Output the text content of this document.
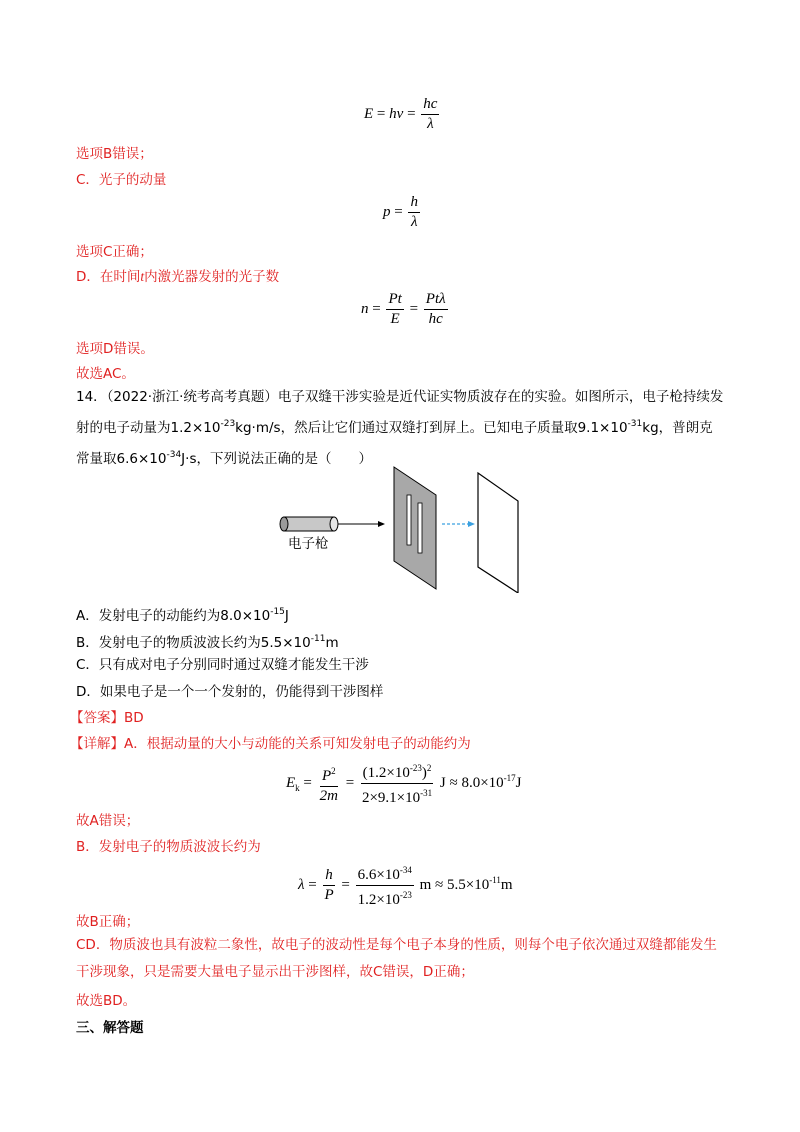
$E = h\nu = \frac{hc}{\lambda}$
选项B错误；
C．光子的动量
$p = \frac{h}{\lambda}$
选项C正确；
D．在时间t内激光器发射的光子数
$n = \frac{Pt}{E} = \frac{\text{Ptλ}}{hc}$
选项D错误。
故选AC。
14．（2022·浙江·统考高考真题）电子双缝干涉实验是近代证实物质波存在的实验。如图所示，电子枪持续发射的电子动量为$1.2\times 10^{-23}kg\cdot m/s$，然后让它们通过双缝打到屏上。已知电子质量取$9.1\times 10^{-31}kg$，普朗克常量取$6.6\times 10^{-34}J\cdot s$，下列说法正确的是（　　）
电子枪
A．发射电子的动能约为$8.0\times 10^{-15}J$
B．发射电子的物质波波长约为$5.5\times 10^{-11}m$
C．只有成对电子分别同时通过双缝才能发生干涉
D．如果电子是一个一个发射的，仍能得到干涉图样
【答案】BD
【详解】A．根据动量的大小与动能的关系可知发射电子的动能约为
$E_k = \frac{P^2}{2m} = \frac{(1.2\times 10^{-23})^2}{2\times 9.1\times 10^{-31}}$ $J \approx 8.0\times 10^{-17}J$
故A错误；
B．发射电子的物质波波长约为
$\lambda = \frac{h}{P} = \frac{6.6\times 10^{-34}}{1.2\times 10^{-23}}$ $m \approx 5.5\times 10^{-11}m$
故B正确；
CD．物质波也具有波粒二象性，故电子的波动性是每个电子本身的性质，则每个电子依次通过双缝都能发生干涉现象，只是需要大量电子显示出干涉图样，故C错误，D正确；
故选BD。
三、解答题
